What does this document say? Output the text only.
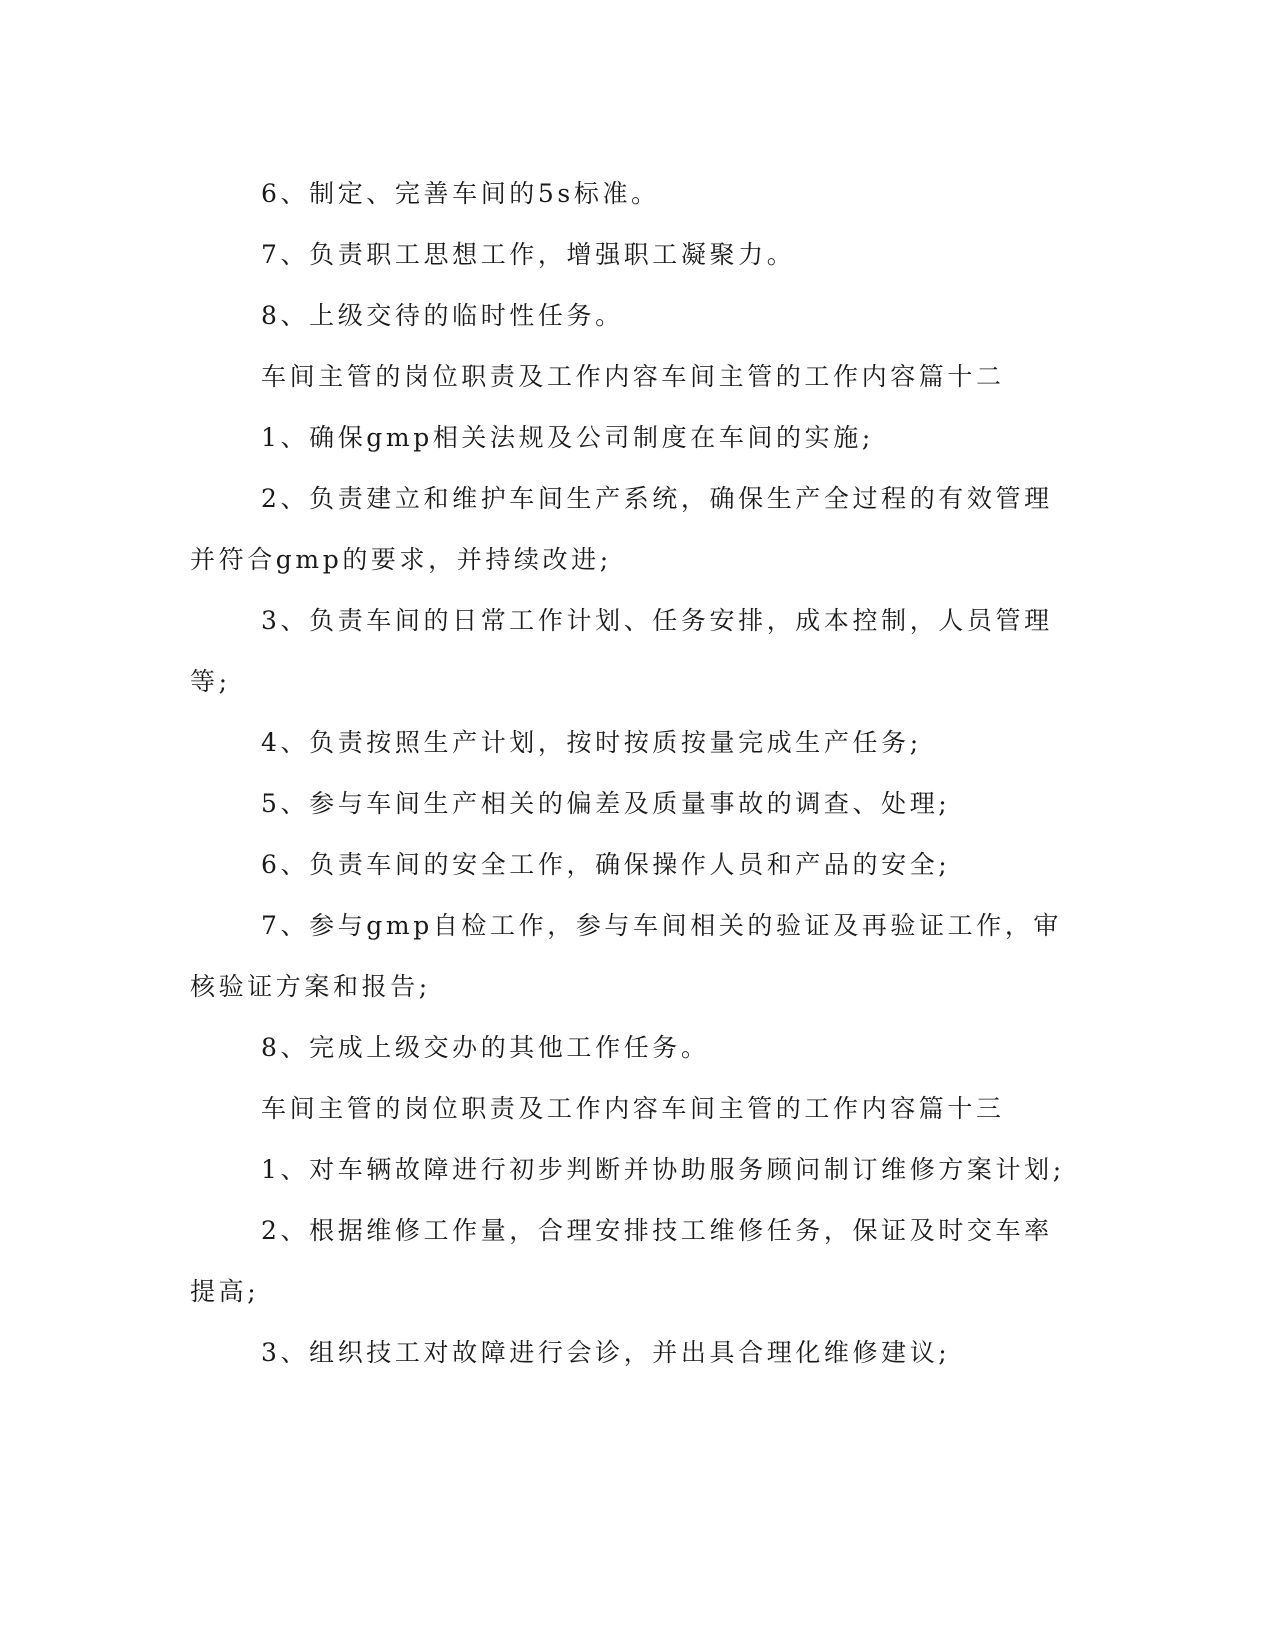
6、制定、完善车间的5s标准。

7、负责职工思想工作，增强职工凝聚力。

8、上级交待的临时性任务。

车间主管的岗位职责及工作内容车间主管的工作内容篇十二

1、确保gmp相关法规及公司制度在车间的实施;

2、负责建立和维护车间生产系统，确保生产全过程的有效管理并符合gmp的要求，并持续改进;

3、负责车间的日常工作计划、任务安排，成本控制，人员管理等;

4、负责按照生产计划，按时按质按量完成生产任务;

5、参与车间生产相关的偏差及质量事故的调查、处理;

6、负责车间的安全工作，确保操作人员和产品的安全;

7、参与gmp自检工作，参与车间相关的验证及再验证工作，审核验证方案和报告;

8、完成上级交办的其他工作任务。

车间主管的岗位职责及工作内容车间主管的工作内容篇十三

1、对车辆故障进行初步判断并协助服务顾问制订维修方案计划;

2、根据维修工作量，合理安排技工维修任务，保证及时交车率提高;

3、组织技工对故障进行会诊，并出具合理化维修建议;
